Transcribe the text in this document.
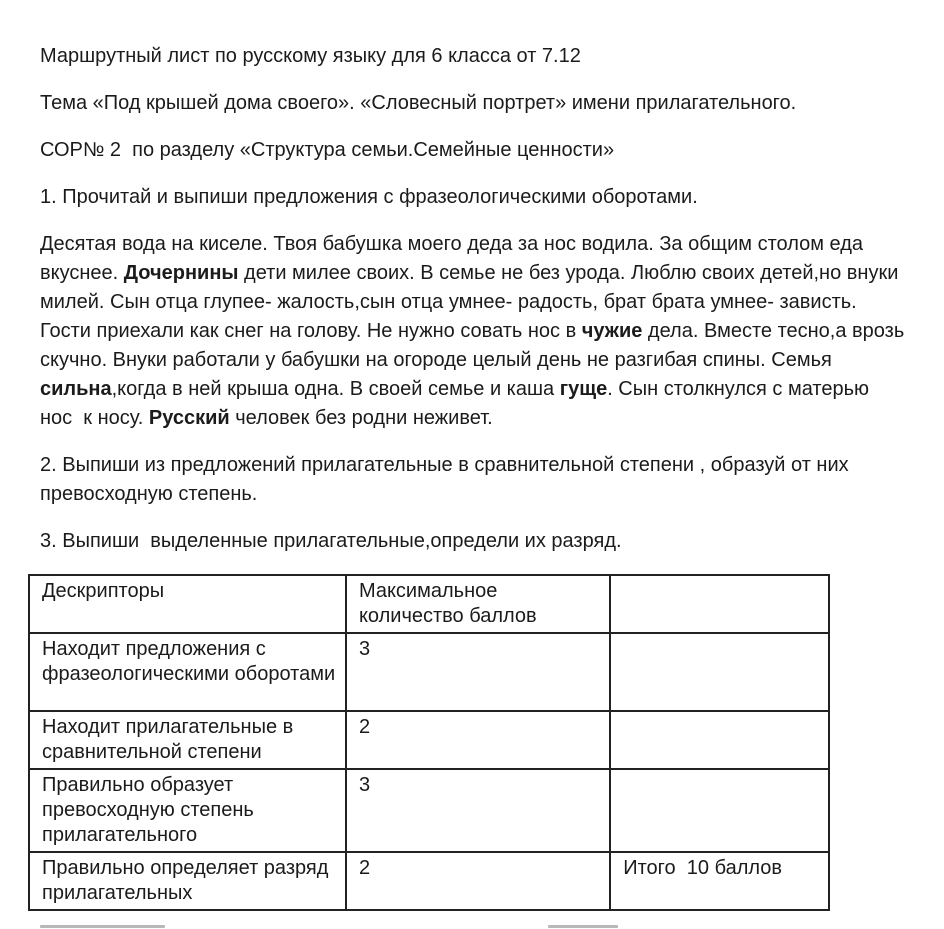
Маршрутный лист по русскому языку для 6 класса от 7.12

Тема «Под крышей дома своего». «Словесный портрет» имени прилагательного.

СОР№ 2  по разделу «Структура семьи.Семейные ценности»

1. Прочитай и выпиши предложения с фразеологическими оборотами.

Десятая вода на киселе. Твоя бабушка моего деда за нос водила. За общим столом еда вкуснее. Дочернины дети милее своих. В семье не без урода. Люблю своих детей,но внуки милей. Сын отца глупее- жалость,сын отца умнее- радость, брат брата умнее- зависть. Гости приехали как снег на голову. Не нужно совать нос в чужие дела. Вместе тесно,а врозь скучно. Внуки работали у бабушки на огороде целый день не разгибая спины. Семья сильна,когда в ней крыша одна. В своей семье и каша гуще. Сын столкнулся с матерью  нос  к носу. Русский человек без родни неживет.

2. Выпиши из предложений прилагательные в сравнительной степени , образуй от них превосходную степень.

3. Выпиши  выделенные прилагательные,определи их разряд.

Дескрипторы	Максимальное количество баллов	
Находит предложения с фразеологическими оборотами	3	
Находит прилагательные в сравнительной степени	2	
Правильно образует превосходную степень прилагательного	3	
Правильно определяет разряд прилагательных	2	Итого  10 баллов
